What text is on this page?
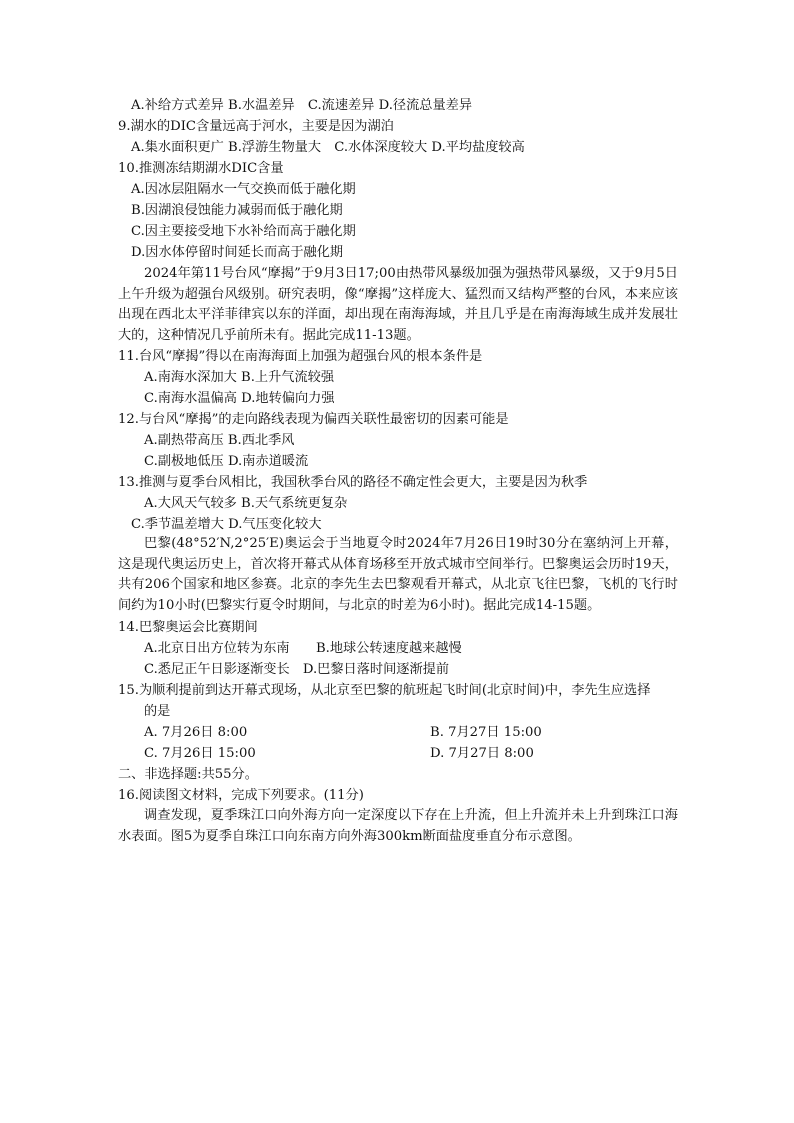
A.补给方式差异 B.水温差异　C.流速差异 D.径流总量差异
9.湖水的DIC含量远高于河水，主要是因为湖泊
A.集水面积更广 B.浮游生物量大　C.水体深度较大 D.平均盐度较高
10.推测冻结期湖水DIC含量
A.因冰层阻隔水一气交换而低于融化期
B.因湖浪侵蚀能力减弱而低于融化期
C.因主要接受地下水补给而高于融化期
D.因水体停留时间延长而高于融化期
2024年第11号台风“摩揭”于9月3日17;00由热带风暴级加强为强热带风暴级，又于9月5日上午升级为超强台风级别。研究表明，像“摩揭”这样庞大、猛烈而又结构严整的台风，本来应该出现在西北太平洋菲律宾以东的洋面，却出现在南海海域，并且几乎是在南海海域生成并发展壮大的，这种情况几乎前所未有。据此完成11-13题。
11.台风“摩揭”得以在南海海面上加强为超强台风的根本条件是
A.南海水深加大 B.上升气流较强
C.南海水温偏高 D.地转偏向力强
12.与台风“摩揭”的走向路线表现为偏西关联性最密切的因素可能是
A.副热带高压 B.西北季风
C.副极地低压 D.南赤道暖流
13.推测与夏季台风相比，我国秋季台风的路径不确定性会更大，主要是因为秋季
A.大风天气较多 B.天气系统更复杂
C.季节温差增大 D.气压变化较大
巴黎(48°52′N,2°25′E)奥运会于当地夏令时2024年7月26日19时30分在塞纳河上开幕，这是现代奥运历史上，首次将开幕式从体育场移至开放式城市空间举行。巴黎奥运会历时19天，共有206个国家和地区参赛。北京的李先生去巴黎观看开幕式，从北京飞往巴黎，飞机的飞行时间约为10小时(巴黎实行夏令时期间，与北京的时差为6小时)。据此完成14-15题。
14.巴黎奥运会比赛期间
A.北京日出方位转为东南　　B.地球公转速度越来越慢
C.悉尼正午日影逐渐变长　D.巴黎日落时间逐渐提前
15.为顺利提前到达开幕式现场，从北京至巴黎的航班起飞时间(北京时间)中，李先生应选择
的是
A. 7月26日 8:00	B. 7月27日 15:00
C. 7月26日 15:00	D. 7月27日 8:00
二、非选择题:共55分。
16.阅读图文材料，完成下列要求。(11分)
调查发现，夏季珠江口向外海方向一定深度以下存在上升流，但上升流并未上升到珠江口海水表面。图5为夏季自珠江口向东南方向外海300km断面盐度垂直分布示意图。
